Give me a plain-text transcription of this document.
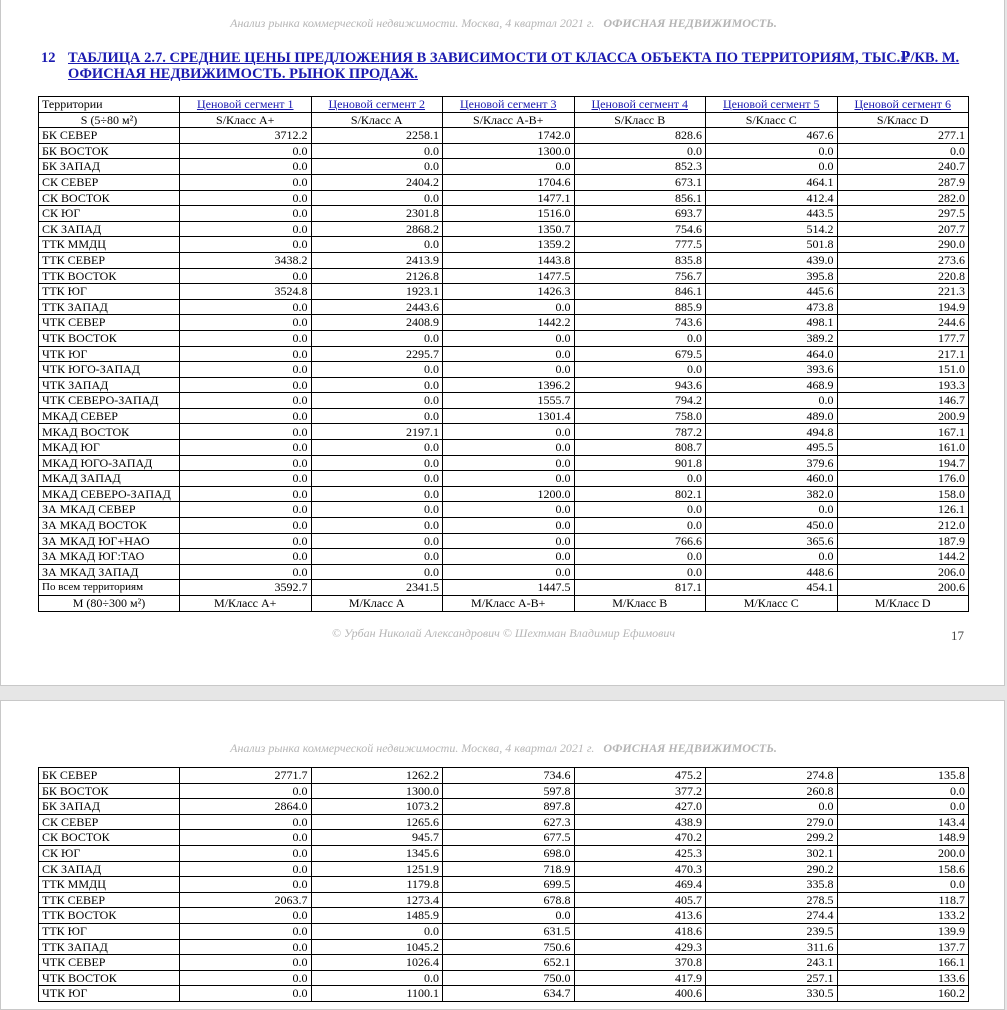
Анализ рынка коммерческой недвижимости. Москва, 4 квартал 2021 г. ОФИСНАЯ НЕДВИЖИМОСТЬ.
12 ТАБЛИЦА 2.7. СРЕДНИЕ ЦЕНЫ ПРЕДЛОЖЕНИЯ В ЗАВИСИМОСТИ ОТ КЛАССА ОБЪЕКТА ПО ТЕРРИТОРИЯМ, ТЫС.₽/КВ. М.
ОФИСНАЯ НЕДВИЖИМОСТЬ. РЫНОК ПРОДАЖ.
Территории	Ценовой сегмент 1	Ценовой сегмент 2	Ценовой сегмент 3	Ценовой сегмент 4	Ценовой сегмент 5	Ценовой сегмент 6
S (5÷80 м²)	S/Класс A+	S/Класс A	S/Класс A-B+	S/Класс B	S/Класс C	S/Класс D
БК СЕВЕР	3712.2	2258.1	1742.0	828.6	467.6	277.1
БК ВОСТОК	0.0	0.0	1300.0	0.0	0.0	0.0
БК ЗАПАД	0.0	0.0	0.0	852.3	0.0	240.7
СК СЕВЕР	0.0	2404.2	1704.6	673.1	464.1	287.9
СК ВОСТОК	0.0	0.0	1477.1	856.1	412.4	282.0
СК ЮГ	0.0	2301.8	1516.0	693.7	443.5	297.5
СК ЗАПАД	0.0	2868.2	1350.7	754.6	514.2	207.7
ТТК ММДЦ	0.0	0.0	1359.2	777.5	501.8	290.0
ТТК СЕВЕР	3438.2	2413.9	1443.8	835.8	439.0	273.6
ТТК ВОСТОК	0.0	2126.8	1477.5	756.7	395.8	220.8
ТТК ЮГ	3524.8	1923.1	1426.3	846.1	445.6	221.3
ТТК ЗАПАД	0.0	2443.6	0.0	885.9	473.8	194.9
ЧТК СЕВЕР	0.0	2408.9	1442.2	743.6	498.1	244.6
ЧТК ВОСТОК	0.0	0.0	0.0	0.0	389.2	177.7
ЧТК ЮГ	0.0	2295.7	0.0	679.5	464.0	217.1
ЧТК ЮГО-ЗАПАД	0.0	0.0	0.0	0.0	393.6	151.0
ЧТК ЗАПАД	0.0	0.0	1396.2	943.6	468.9	193.3
ЧТК СЕВЕРО-ЗАПАД	0.0	0.0	1555.7	794.2	0.0	146.7
МКАД СЕВЕР	0.0	0.0	1301.4	758.0	489.0	200.9
МКАД ВОСТОК	0.0	2197.1	0.0	787.2	494.8	167.1
МКАД ЮГ	0.0	0.0	0.0	808.7	495.5	161.0
МКАД ЮГО-ЗАПАД	0.0	0.0	0.0	901.8	379.6	194.7
МКАД ЗАПАД	0.0	0.0	0.0	0.0	460.0	176.0
МКАД СЕВЕРО-ЗАПАД	0.0	0.0	1200.0	802.1	382.0	158.0
ЗА МКАД СЕВЕР	0.0	0.0	0.0	0.0	0.0	126.1
ЗА МКАД ВОСТОК	0.0	0.0	0.0	0.0	450.0	212.0
ЗА МКАД ЮГ+НАО	0.0	0.0	0.0	766.6	365.6	187.9
ЗА МКАД ЮГ:ТАО	0.0	0.0	0.0	0.0	0.0	144.2
ЗА МКАД ЗАПАД	0.0	0.0	0.0	0.0	448.6	206.0
По всем территориям	3592.7	2341.5	1447.5	817.1	454.1	200.6
M (80÷300 м²)	M/Класс A+	M/Класс A	M/Класс A-B+	M/Класс B	M/Класс C	M/Класс D
© Урбан Николай Александрович © Шехтман Владимир Ефимович	17
Анализ рынка коммерческой недвижимости. Москва, 4 квартал 2021 г. ОФИСНАЯ НЕДВИЖИМОСТЬ.
БК СЕВЕР	2771.7	1262.2	734.6	475.2	274.8	135.8
БК ВОСТОК	0.0	1300.0	597.8	377.2	260.8	0.0
БК ЗАПАД	2864.0	1073.2	897.8	427.0	0.0	0.0
СК СЕВЕР	0.0	1265.6	627.3	438.9	279.0	143.4
СК ВОСТОК	0.0	945.7	677.5	470.2	299.2	148.9
СК ЮГ	0.0	1345.6	698.0	425.3	302.1	200.0
СК ЗАПАД	0.0	1251.9	718.9	470.3	290.2	158.6
ТТК ММДЦ	0.0	1179.8	699.5	469.4	335.8	0.0
ТТК СЕВЕР	2063.7	1273.4	678.8	405.7	278.5	118.7
ТТК ВОСТОК	0.0	1485.9	0.0	413.6	274.4	133.2
ТТК ЮГ	0.0	0.0	631.5	418.6	239.5	139.9
ТТК ЗАПАД	0.0	1045.2	750.6	429.3	311.6	137.7
ЧТК СЕВЕР	0.0	1026.4	652.1	370.8	243.1	166.1
ЧТК ВОСТОК	0.0	0.0	750.0	417.9	257.1	133.6
ЧТК ЮГ	0.0	1100.1	634.7	400.6	330.5	160.2
